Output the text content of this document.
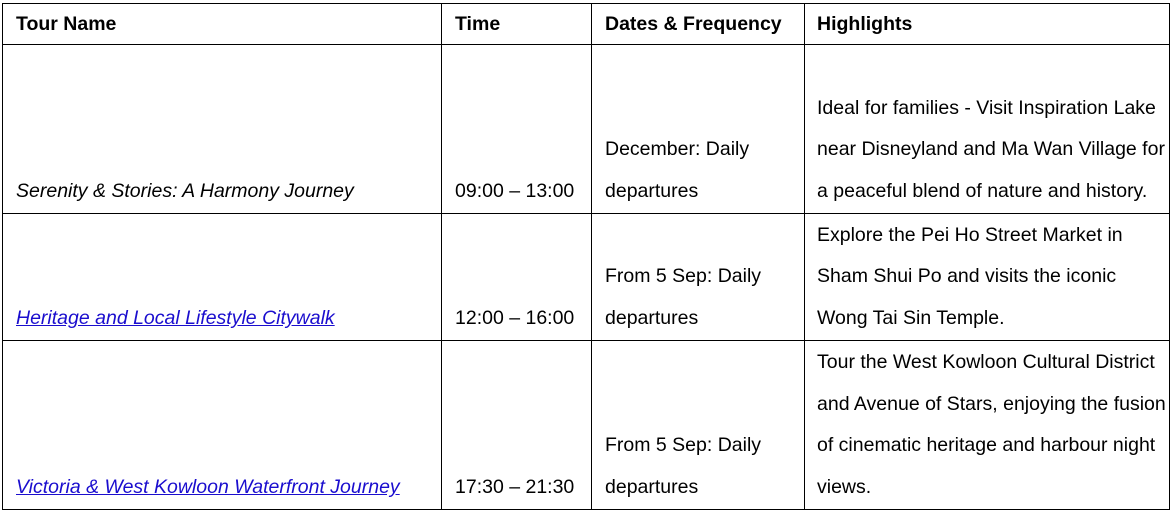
Tour Name	Time	Dates & Frequency	Highlights
Serenity & Stories: A Harmony Journey	09:00 – 13:00	December: Daily departures	Ideal for families - Visit Inspiration Lake near Disneyland and Ma Wan Village for a peaceful blend of nature and history.
Heritage and Local Lifestyle Citywalk	12:00 – 16:00	From 5 Sep: Daily departures	Explore the Pei Ho Street Market in Sham Shui Po and visits the iconic Wong Tai Sin Temple.
Victoria & West Kowloon Waterfront Journey	17:30 – 21:30	From 5 Sep: Daily departures	Tour the West Kowloon Cultural District and Avenue of Stars, enjoying the fusion of cinematic heritage and harbour night views.
